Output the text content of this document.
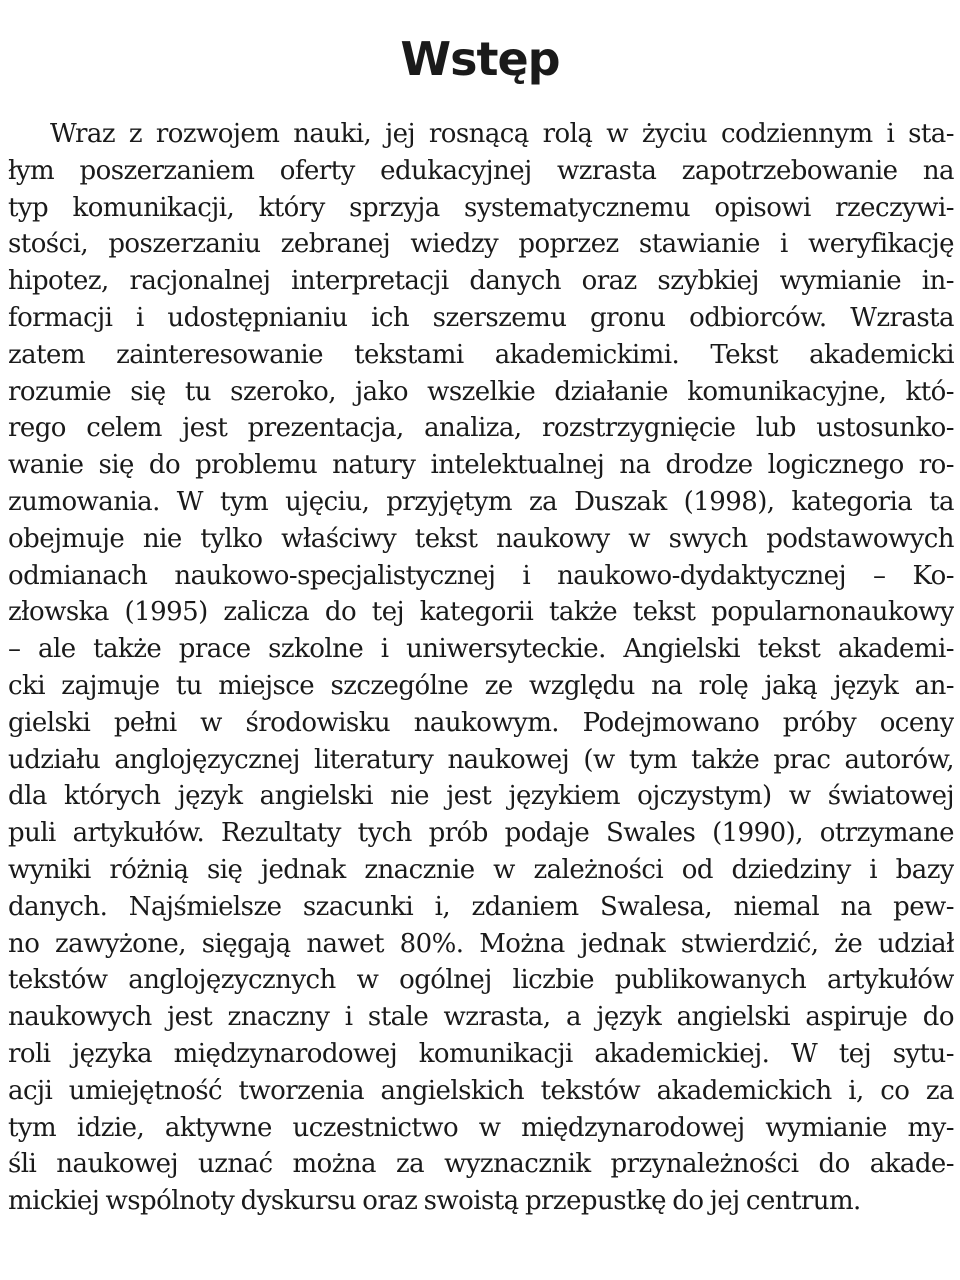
Wstęp
Wraz z rozwojem nauki, jej rosnącą rolą w życiu codziennym i sta-
łym poszerzaniem oferty edukacyjnej wzrasta zapotrzebowanie na
typ komunikacji, który sprzyja systematycznemu opisowi rzeczywi-
stości, poszerzaniu zebranej wiedzy poprzez stawianie i weryfikację
hipotez, racjonalnej interpretacji danych oraz szybkiej wymianie in-
formacji i udostępnianiu ich szerszemu gronu odbiorców. Wzrasta
zatem zainteresowanie tekstami akademickimi. Tekst akademicki
rozumie się tu szeroko, jako wszelkie działanie komunikacyjne, któ-
rego celem jest prezentacja, analiza, rozstrzygnięcie lub ustosunko-
wanie się do problemu natury intelektualnej na drodze logicznego ro-
zumowania. W tym ujęciu, przyjętym za Duszak (1998), kategoria ta
obejmuje nie tylko właściwy tekst naukowy w swych podstawowych
odmianach naukowo-specjalistycznej i naukowo-dydaktycznej – Ko-
złowska (1995) zalicza do tej kategorii także tekst popularnonaukowy
– ale także prace szkolne i uniwersyteckie. Angielski tekst akademi-
cki zajmuje tu miejsce szczególne ze względu na rolę jaką język an-
gielski pełni w środowisku naukowym. Podejmowano próby oceny
udziału anglojęzycznej literatury naukowej (w tym także prac autorów,
dla których język angielski nie jest językiem ojczystym) w światowej
puli artykułów. Rezultaty tych prób podaje Swales (1990), otrzymane
wyniki różnią się jednak znacznie w zależności od dziedziny i bazy
danych. Najśmielsze szacunki i, zdaniem Swalesa, niemal na pew-
no zawyżone, sięgają nawet 80%. Można jednak stwierdzić, że udział
tekstów anglojęzycznych w ogólnej liczbie publikowanych artykułów
naukowych jest znaczny i stale wzrasta, a język angielski aspiruje do
roli języka międzynarodowej komunikacji akademickiej. W tej sytu-
acji umiejętność tworzenia angielskich tekstów akademickich i, co za
tym idzie, aktywne uczestnictwo w międzynarodowej wymianie my-
śli naukowej uznać można za wyznacznik przynależności do akade-
mickiej wspólnoty dyskursu oraz swoistą przepustkę do jej centrum.
